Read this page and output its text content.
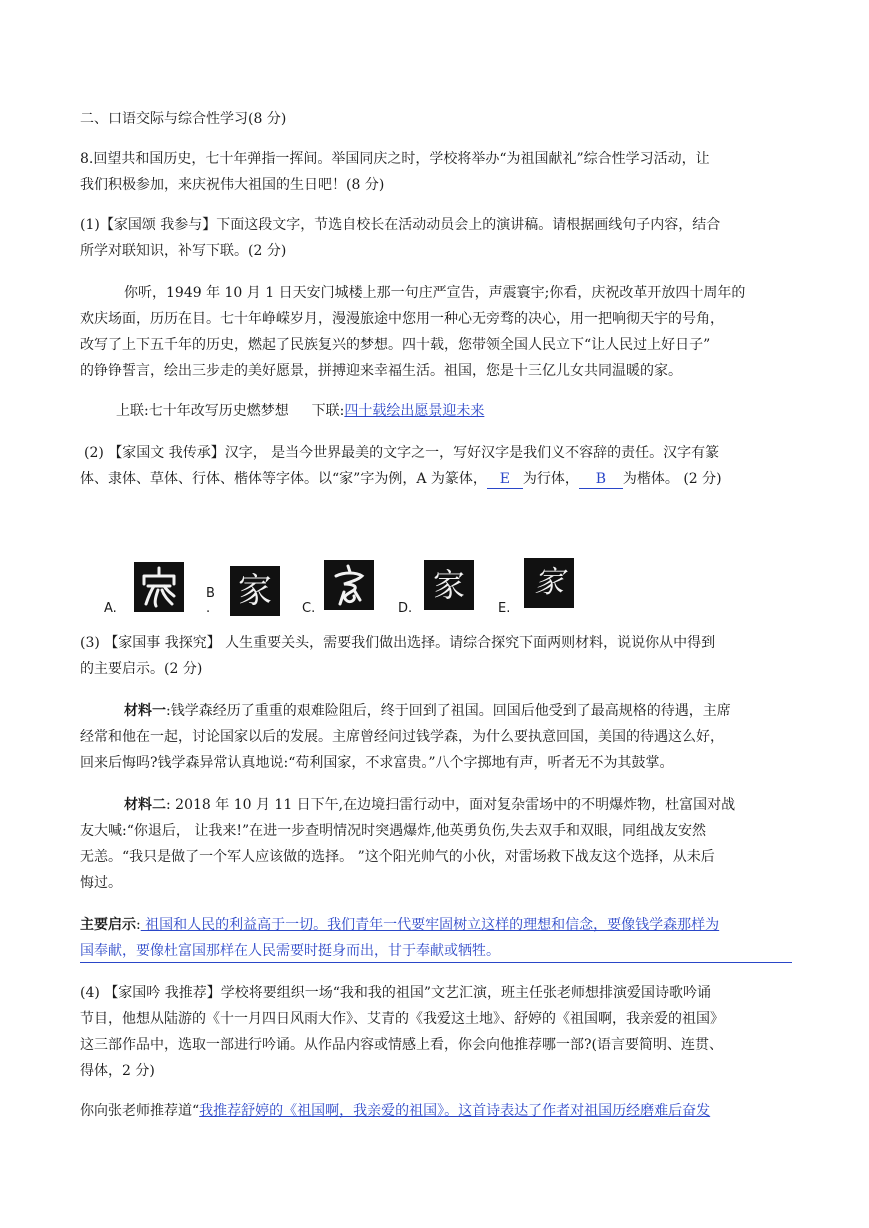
二、口语交际与综合性学习(8 分)
8.回望共和国历史，七十年弹指一挥间。举国同庆之时，学校将举办“为祖国献礼”综合性学习活动，让
我们积极参加，来庆祝伟大祖国的生日吧！(8 分)
(1)【家国颂 我参与】下面这段文字，节选自校长在活动动员会上的演讲稿。请根据画线句子内容，结合
所学对联知识，补写下联。(2 分)
你听，1949 年 10 月 1 日天安门城楼上那一句庄严宣告，声震寰宇;你看，庆祝改革开放四十周年的
欢庆场面，历历在目。七十年峥嵘岁月，漫漫旅途中您用一种心无旁骛的决心，用一把响彻天宇的号角，
改写了上下五千年的历史，燃起了民族复兴的梦想。四十载，您带领全国人民立下“让人民过上好日子”
的铮铮誓言，绘出三步走的美好愿景，拼搏迎来幸福生活。祖国，您是十三亿儿女共同温暖的家。
上联:七十年改写历史燃梦想 下联:四十载绘出愿景迎未来
(2) 【家国文 我传承】汉字， 是当今世界最美的文字之一，写好汉字是我们义不容辞的责任。汉字有篆
体、隶体、草体、行体、楷体等字体。以“家”字为例，A 为篆体， E 为行体， B 为楷体。 (2 分)
A.
B . 家	C.	D.
家
E.
家
(3) 【家国事 我探究】 人生重要关头，需要我们做出选择。请综合探究下面两则材料，说说你从中得到
的主要启示。(2 分)
材料一:钱学森经历了重重的艰难险阻后，终于回到了祖国。回国后他受到了最高规格的待遇，主席
经常和他在一起，讨论国家以后的发展。主席曾经问过钱学森，为什么要执意回国，美国的待遇这么好，
回来后悔吗?钱学森异常认真地说:“苟利国家，不求富贵。”八个字掷地有声，听者无不为其鼓掌。
材料二: 2018 年 10 月 11 日下午,在边境扫雷行动中，面对复杂雷场中的不明爆炸物，杜富国对战
友大喊:“你退后， 让我来!”在进一步查明情况时突遇爆炸,他英勇负伤,失去双手和双眼，同组战友安然
无恙。“我只是做了一个军人应该做的选择。 ”这个阳光帅气的小伙，对雷场救下战友这个选择，从未后
悔过。
主要启示: 祖国和人民的利益高于一切。我们青年一代要牢固树立这样的理想和信念，要像钱学森那样为
国奉献，要像杜富国那样在人民需要时挺身而出，甘于奉献或牺牲。
(4) 【家国吟 我推荐】学校将要组织一场“我和我的祖国”文艺汇演，班主任张老师想排演爱国诗歌吟诵
节目，他想从陆游的《十一月四日风雨大作》、艾青的《我爱这土地》、舒婷的《祖国啊，我亲爱的祖国》
这三部作品中，选取一部进行吟诵。从作品内容或情感上看，你会向他推荐哪一部?(语言要简明、连贯、
得体，2 分)
你向张老师推荐道“我推荐舒婷的《祖国啊，我亲爱的祖国》。这首诗表达了作者对祖国历经磨难后奋发
